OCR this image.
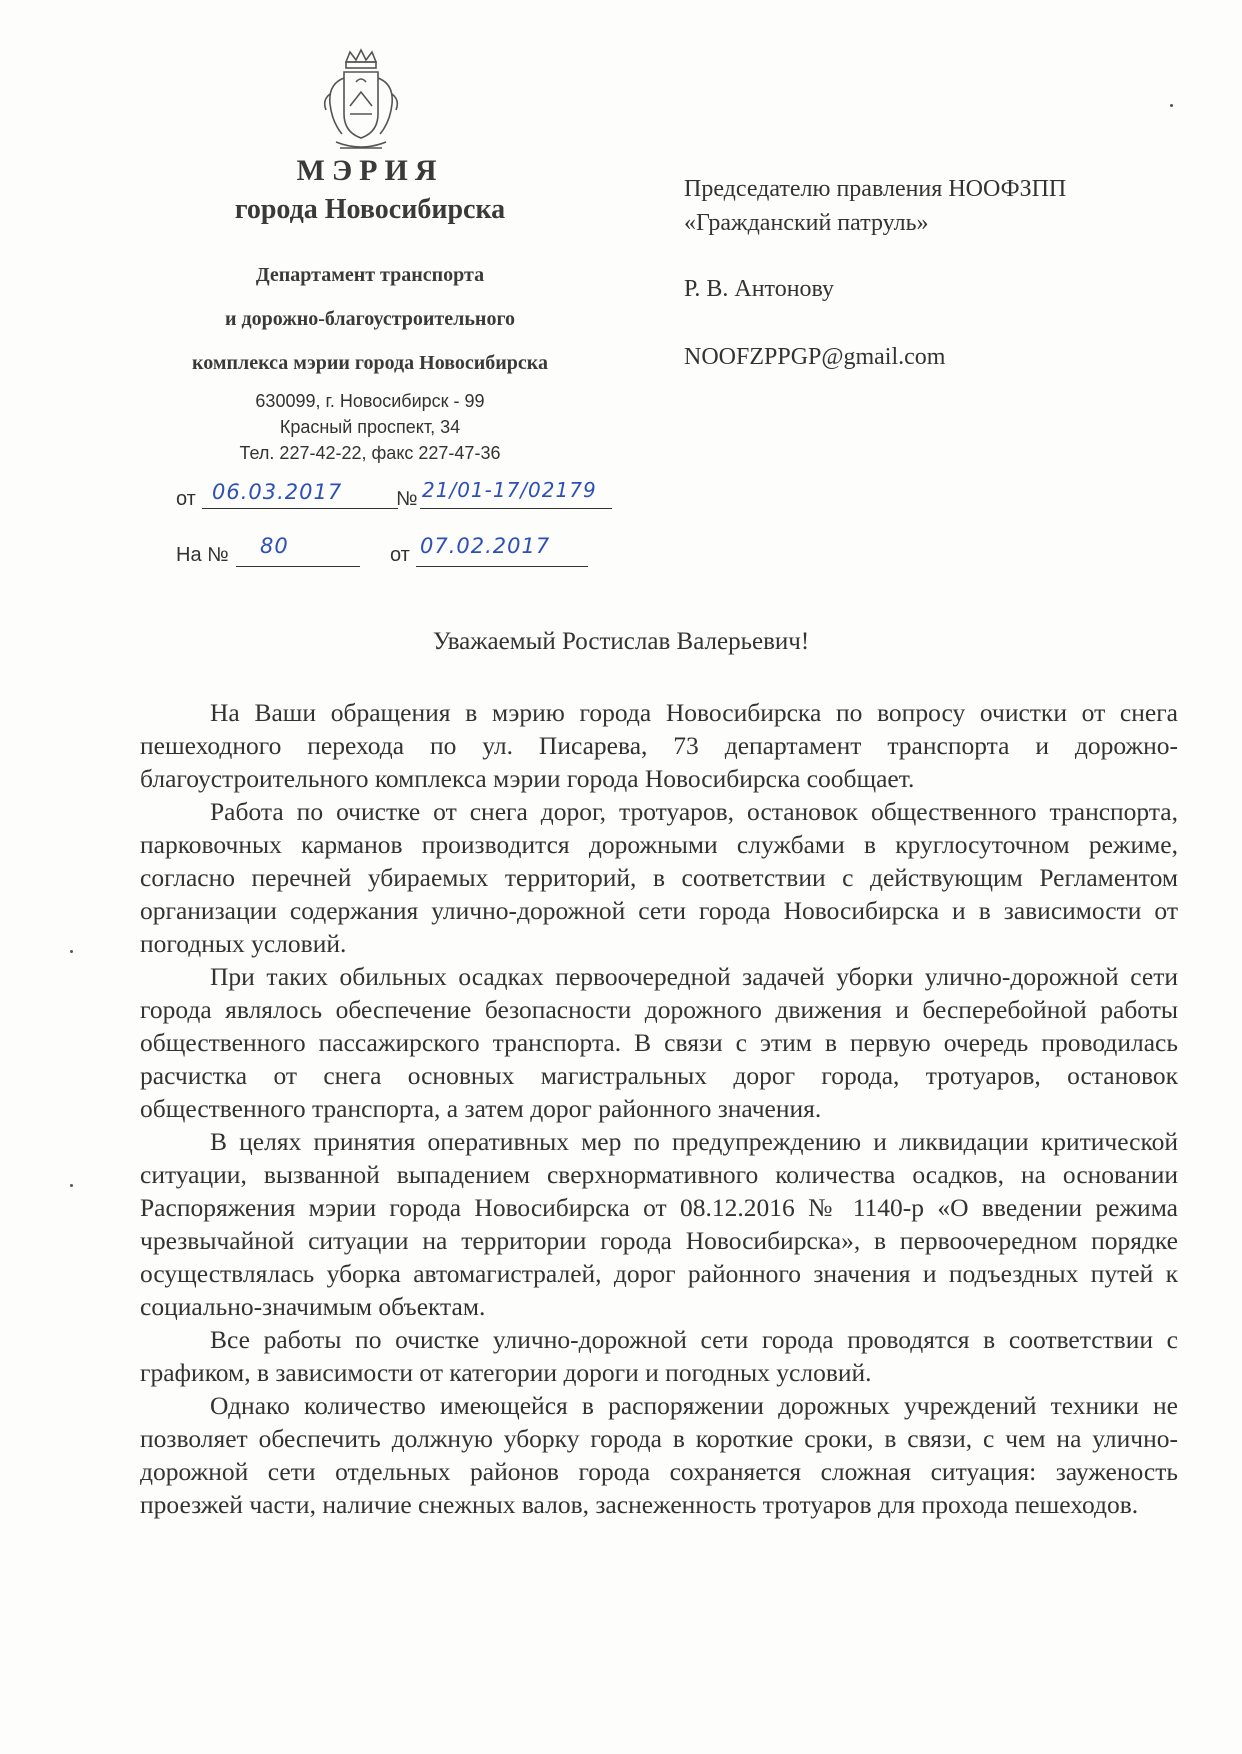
МЭРИЯ
города Новосибирска
Департамент транспорта
и дорожно-благоустроительного
комплекса мэрии города Новосибирска
630099, г. Новосибирск - 99
Красный проспект, 34
Тел. 227-42-22, факс 227-47-36
от 06.03.2017	№ 21/01-17/02179
На № 80	от 07.02.2017
Председателю правления НООФЗПП
«Гражданский патруль»
Р. В. Антонову
NOOFZPPGP@gmail.com
Уважаемый Ростислав Валерьевич!

На Ваши обращения в мэрию города Новосибирска по вопросу очистки от снега пешеходного перехода по ул. Писарева, 73 департамент транспорта и дорожно-благоустроительного комплекса мэрии города Новосибирска сообщает.

Работа по очистке от снега дорог, тротуаров, остановок общественного транспорта, парковочных карманов производится дорожными службами в круглосуточном режиме, согласно перечней убираемых территорий, в соответствии с действующим Регламентом организации содержания улично-дорожной сети города Новосибирска и в зависимости от погодных условий.

При таких обильных осадках первоочередной задачей уборки улично-дорожной сети города являлось обеспечение безопасности дорожного движения и бесперебойной работы общественного пассажирского транспорта. В связи с этим в первую очередь проводилась расчистка от снега основных магистральных дорог города, тротуаров, остановок общественного транспорта, а затем дорог районного значения.

В целях принятия оперативных мер по предупреждению и ликвидации критической ситуации, вызванной выпадением сверхнормативного количества осадков, на основании Распоряжения мэрии города Новосибирска от 08.12.2016 № 1140-р «О введении режима чрезвычайной ситуации на территории города Новосибирска», в первоочередном порядке осуществлялась уборка автомагистралей, дорог районного значения и подъездных путей к социально-значимым объектам.

Все работы по очистке улично-дорожной сети города проводятся в соответствии с графиком, в зависимости от категории дороги и погодных условий.

Однако количество имеющейся в распоряжении дорожных учреждений техники не позволяет обеспечить должную уборку города в короткие сроки, в связи, с чем на улично-дорожной сети отдельных районов города сохраняется сложная ситуация: зауженость проезжей части, наличие снежных валов, заснеженность тротуаров для прохода пешеходов.
